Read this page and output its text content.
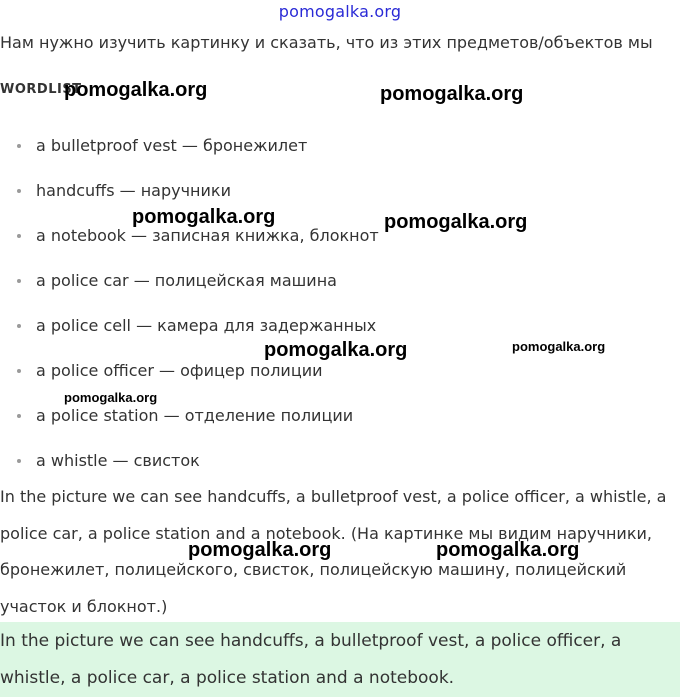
pomogalka.org
Нам нужно изучить картинку и сказать, что из этих предметов/объектов мы
WORDLIST
a bulletproof vest — бронежилет
handcuffs — наручники
a notebook — записная книжка, блокнот
a police car — полицейская машина
a police cell — камера для задержанных
a police officer — офицер полиции
a police station — отделение полиции
a whistle — свисток
In the picture we can see handcuffs, a bulletproof vest, a police officer, a whistle, a police car, a police station and a notebook. (На картинке мы видим наручники, бронежилет, полицейского, свисток, полицейскую машину, полицейский участок и блокнот.)
In the picture we can see handcuffs, a bulletproof vest, a police officer, a whistle, a police car, a police station and a notebook.
pomogalka.org	pomogalka.org
pomogalka.org	pomogalka.org
pomogalka.org	pomogalka.org
pomogalka.org
pomogalka.org	pomogalka.org
